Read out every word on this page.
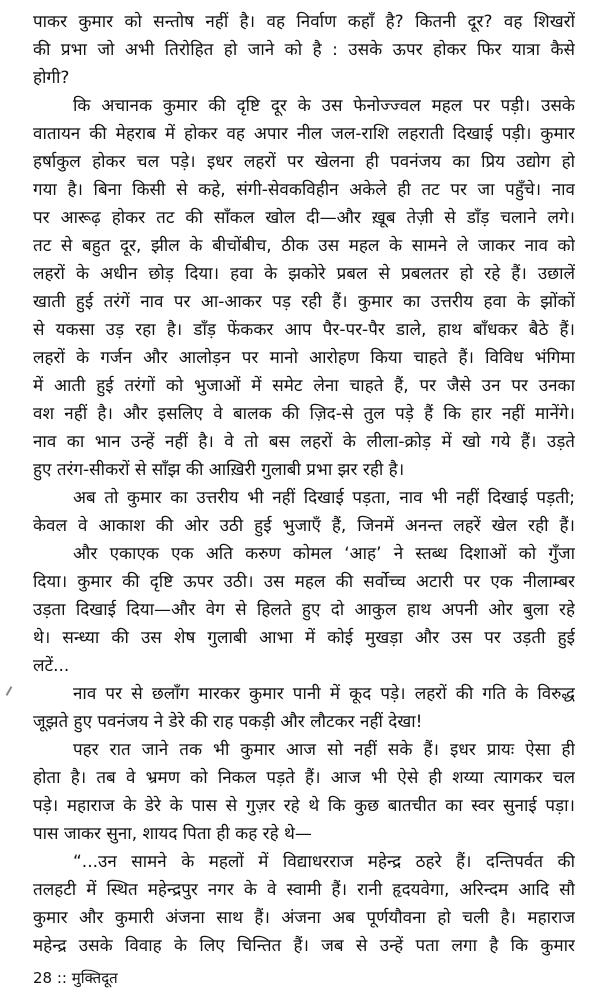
पाकर कुमार को सन्तोष नहीं है। वह निर्वाण कहाँ है? कितनी दूर? वह शिखरों
की प्रभा जो अभी तिरोहित हो जाने को है : उसके ऊपर होकर फिर यात्रा कैसे
होगी?
कि अचानक कुमार की दृष्टि दूर के उस फेनोज्ज्वल महल पर पड़ी। उसके
वातायन की मेहराब में होकर वह अपार नील जल-राशि लहराती दिखाई पड़ी। कुमार
हर्षाकुल होकर चल पड़े। इधर लहरों पर खेलना ही पवनंजय का प्रिय उद्योग हो
गया है। बिना किसी से कहे, संगी-सेवकविहीन अकेले ही तट पर जा पहुँचे। नाव
पर आरूढ़ होकर तट की साँकल खोल दी—और ख़ूब तेज़ी से डाँड़ चलाने लगे।
तट से बहुत दूर, झील के बीचोंबीच, ठीक उस महल के सामने ले जाकर नाव को
लहरों के अधीन छोड़ दिया। हवा के झकोरे प्रबल से प्रबलतर हो रहे हैं। उछालें
खाती हुई तरंगें नाव पर आ-आकर पड़ रही हैं। कुमार का उत्तरीय हवा के झोंकों
से यकसा उड़ रहा है। डाँड़ फेंककर आप पैर-पर-पैर डाले, हाथ बाँधकर बैठे हैं।
लहरों के गर्जन और आलोड़न पर मानो आरोहण किया चाहते हैं। विविध भंगिमा
में आती हुई तरंगों को भुजाओं में समेट लेना चाहते हैं, पर जैसे उन पर उनका
वश नहीं है। और इसलिए वे बालक की ज़िद-से तुल पड़े हैं कि हार नहीं मानेंगे।
नाव का भान उन्हें नहीं है। वे तो बस लहरों के लीला-क्रोड़ में खो गये हैं। उड़ते
हुए तरंग-सीकरों से साँझ की आख़िरी गुलाबी प्रभा झर रही है।
अब तो कुमार का उत्तरीय भी नहीं दिखाई पड़ता, नाव भी नहीं दिखाई पड़ती;
केवल वे आकाश की ओर उठी हुई भुजाएँ हैं, जिनमें अनन्त लहरें खेल रही हैं।
और एकाएक एक अति करुण कोमल ‘आह’ ने स्तब्ध दिशाओं को गुँजा
दिया। कुमार की दृष्टि ऊपर उठी। उस महल की सर्वोच्च अटारी पर एक नीलाम्बर
उड़ता दिखाई दिया—और वेग से हिलते हुए दो आकुल हाथ अपनी ओर बुला रहे
थे। सन्ध्या की उस शेष गुलाबी आभा में कोई मुखड़ा और उस पर उड़ती हुई
लटें...
नाव पर से छलाँग मारकर कुमार पानी में कूद पड़े। लहरों की गति के विरुद्ध
जूझते हुए पवनंजय ने डेरे की राह पकड़ी और लौटकर नहीं देखा!
पहर रात जाने तक भी कुमार आज सो नहीं सके हैं। इधर प्रायः ऐसा ही
होता है। तब वे भ्रमण को निकल पड़ते हैं। आज भी ऐसे ही शय्या त्यागकर चल
पड़े। महाराज के डेरे के पास से गुज़र रहे थे कि कुछ बातचीत का स्वर सुनाई पड़ा।
पास जाकर सुना, शायद पिता ही कह रहे थे—
“...उन सामने के महलों में विद्याधरराज महेन्द्र ठहरे हैं। दन्तिपर्वत की
तलहटी में स्थित महेन्द्रपुर नगर के वे स्वामी हैं। रानी हृदयवेगा, अरिन्दम आदि सौ
कुमार और कुमारी अंजना साथ हैं। अंजना अब पूर्णयौवना हो चली है। महाराज
महेन्द्र उसके विवाह के लिए चिन्तित हैं। जब से उन्हें पता लगा है कि कुमार
28 :: मुक्तिदूत
